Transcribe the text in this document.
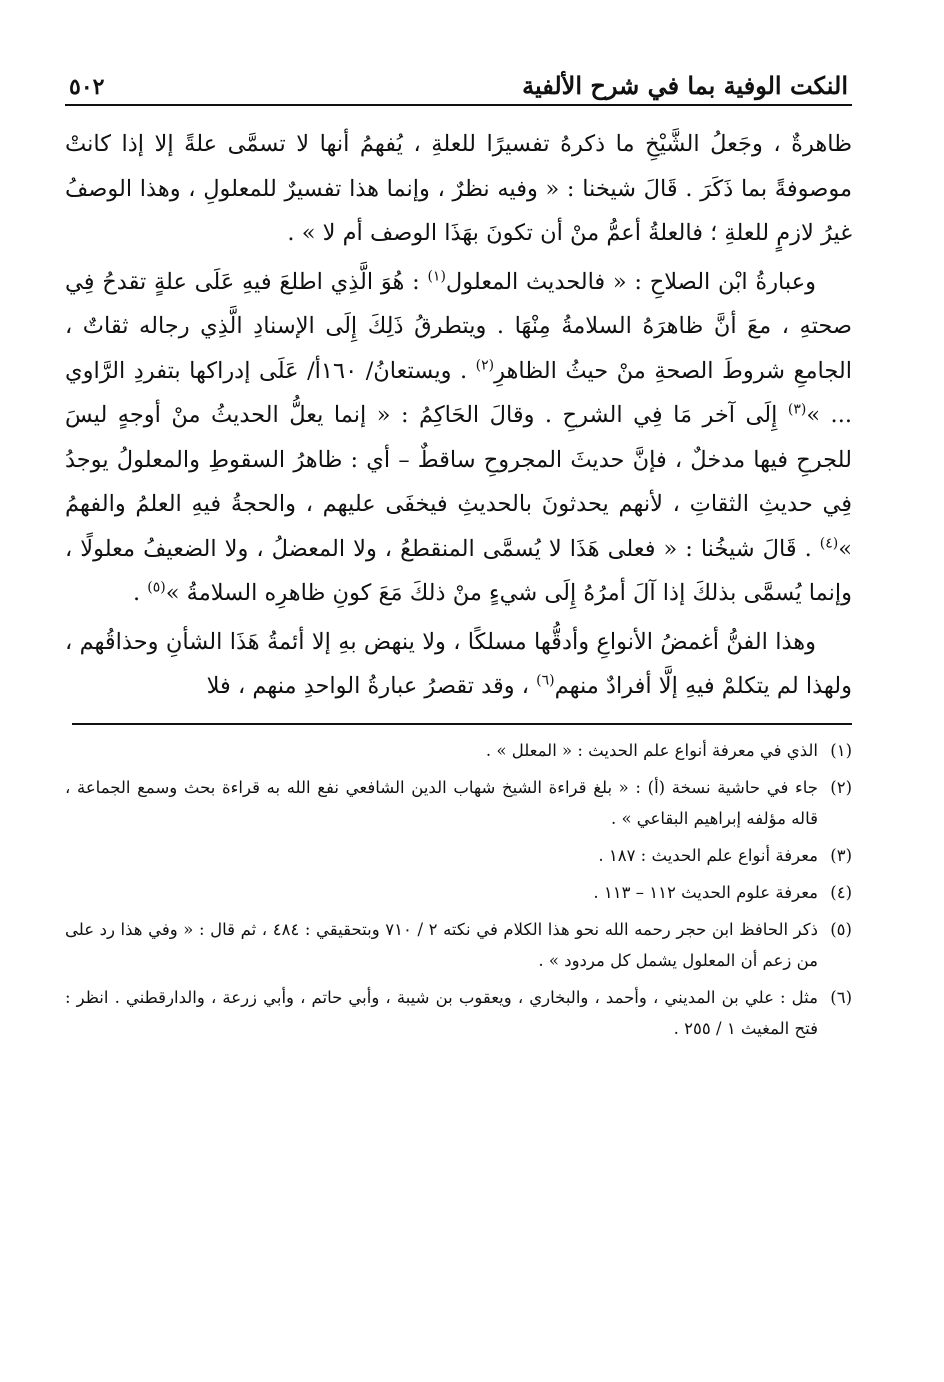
النكت الوفية بما في شرح الألفية
٥٠٢

ظاهرةٌ ، وجَعلُ الشَّيْخِ ما ذكرهُ تفسيرًا للعلةِ ، يُفهمُ أنها لا تسمَّى علةً إلا إذا كانتْ موصوفةً بما ذَكَرَ . قَالَ شيخنا : « وفيه نظرٌ ، وإنما هذا تفسيرٌ للمعلولِ ، وهذا الوصفُ غيرُ لازمٍ للعلةِ ؛ فالعلةُ أعمُّ منْ أن تكونَ بهَذَا الوصف أم لا » .

وعبارةُ ابْن الصلاحِ : « فالحديث المعلول$^{(١)}$ : هُوَ الَّذِي اطلعَ فيهِ عَلَى علةٍ تقدحُ فِي صحتهِ ، معَ أنَّ ظاهرَهُ السلامةُ مِنْهَا . ويتطرقُ ذَلِكَ إِلَى الإسنادِ الَّذِي رجاله ثقاتٌ ، الجامعِ شروطَ الصحةِ منْ حيثُ الظاهرِ$^{(٢)}$ . ويستعانُ/ ١٦٠أ/ عَلَى إدراكها بتفردِ الرَّاوي ... »$^{(٣)}$ إِلَى آخر مَا فِي الشرحِ . وقالَ الحَاكِمُ : « إنما يعلُّ الحديثُ منْ أوجهٍ ليسَ للجرحِ فيها مدخلٌ ، فإنَّ حديثَ المجروحِ ساقطٌ – أي : ظاهرُ السقوطِ والمعلولُ يوجدُ فِي حديثِ الثقاتِ ، لأنهم يحدثونَ بالحديثِ فيخفَى عليهم ، والحجةُ فيهِ العلمُ والفهمُ »$^{(٤)}$ . قَالَ شيخُنا : « فعلى هَذَا لا يُسمَّى المنقطعُ ، ولا المعضلُ ، ولا الضعيفُ معلولًا ، وإنما يُسمَّى بذلكَ إذا آلَ أمرُهُ إِلَى شيءٍ منْ ذلكَ مَعَ كونِ ظاهرِه السلامةُ »$^{(٥)}$ .

وهذا الفنُّ أغمضُ الأنواعِ وأدقُّها مسلكًا ، ولا ينهض بهِ إلا أئمةُ هَذَا الشأنِ وحذاقُهم ، ولهذا لم يتكلمْ فيهِ إلَّا أفرادٌ منهم$^{(٦)}$ ، وقد تقصرُ عبارةُ الواحدِ منهم ، فلا

(١)الذي في معرفة أنواع علم الحديث : « المعلل » .
(٢)جاء في حاشية نسخة (أ) : « بلغ قراءة الشيخ شهاب الدين الشافعي نفع الله به قراءة بحث وسمع الجماعة ، قاله مؤلفه إبراهيم البقاعي » .
(٣)معرفة أنواع علم الحديث : ١٨٧ .
(٤)معرفة علوم الحديث ١١٢ – ١١٣ .
(٥)ذكر الحافظ ابن حجر رحمه الله نحو هذا الكلام في نكته ٢ / ٧١٠ وبتحقيقي : ٤٨٤ ، ثم قال : « وفي هذا رد على من زعم أن المعلول يشمل كل مردود » .
(٦)مثل : علي بن المديني ، وأحمد ، والبخاري ، ويعقوب بن شيبة ، وأبي حاتم ، وأبي زرعة ، والدارقطني . انظر : فتح المغيث ١ / ٢٥٥ .
